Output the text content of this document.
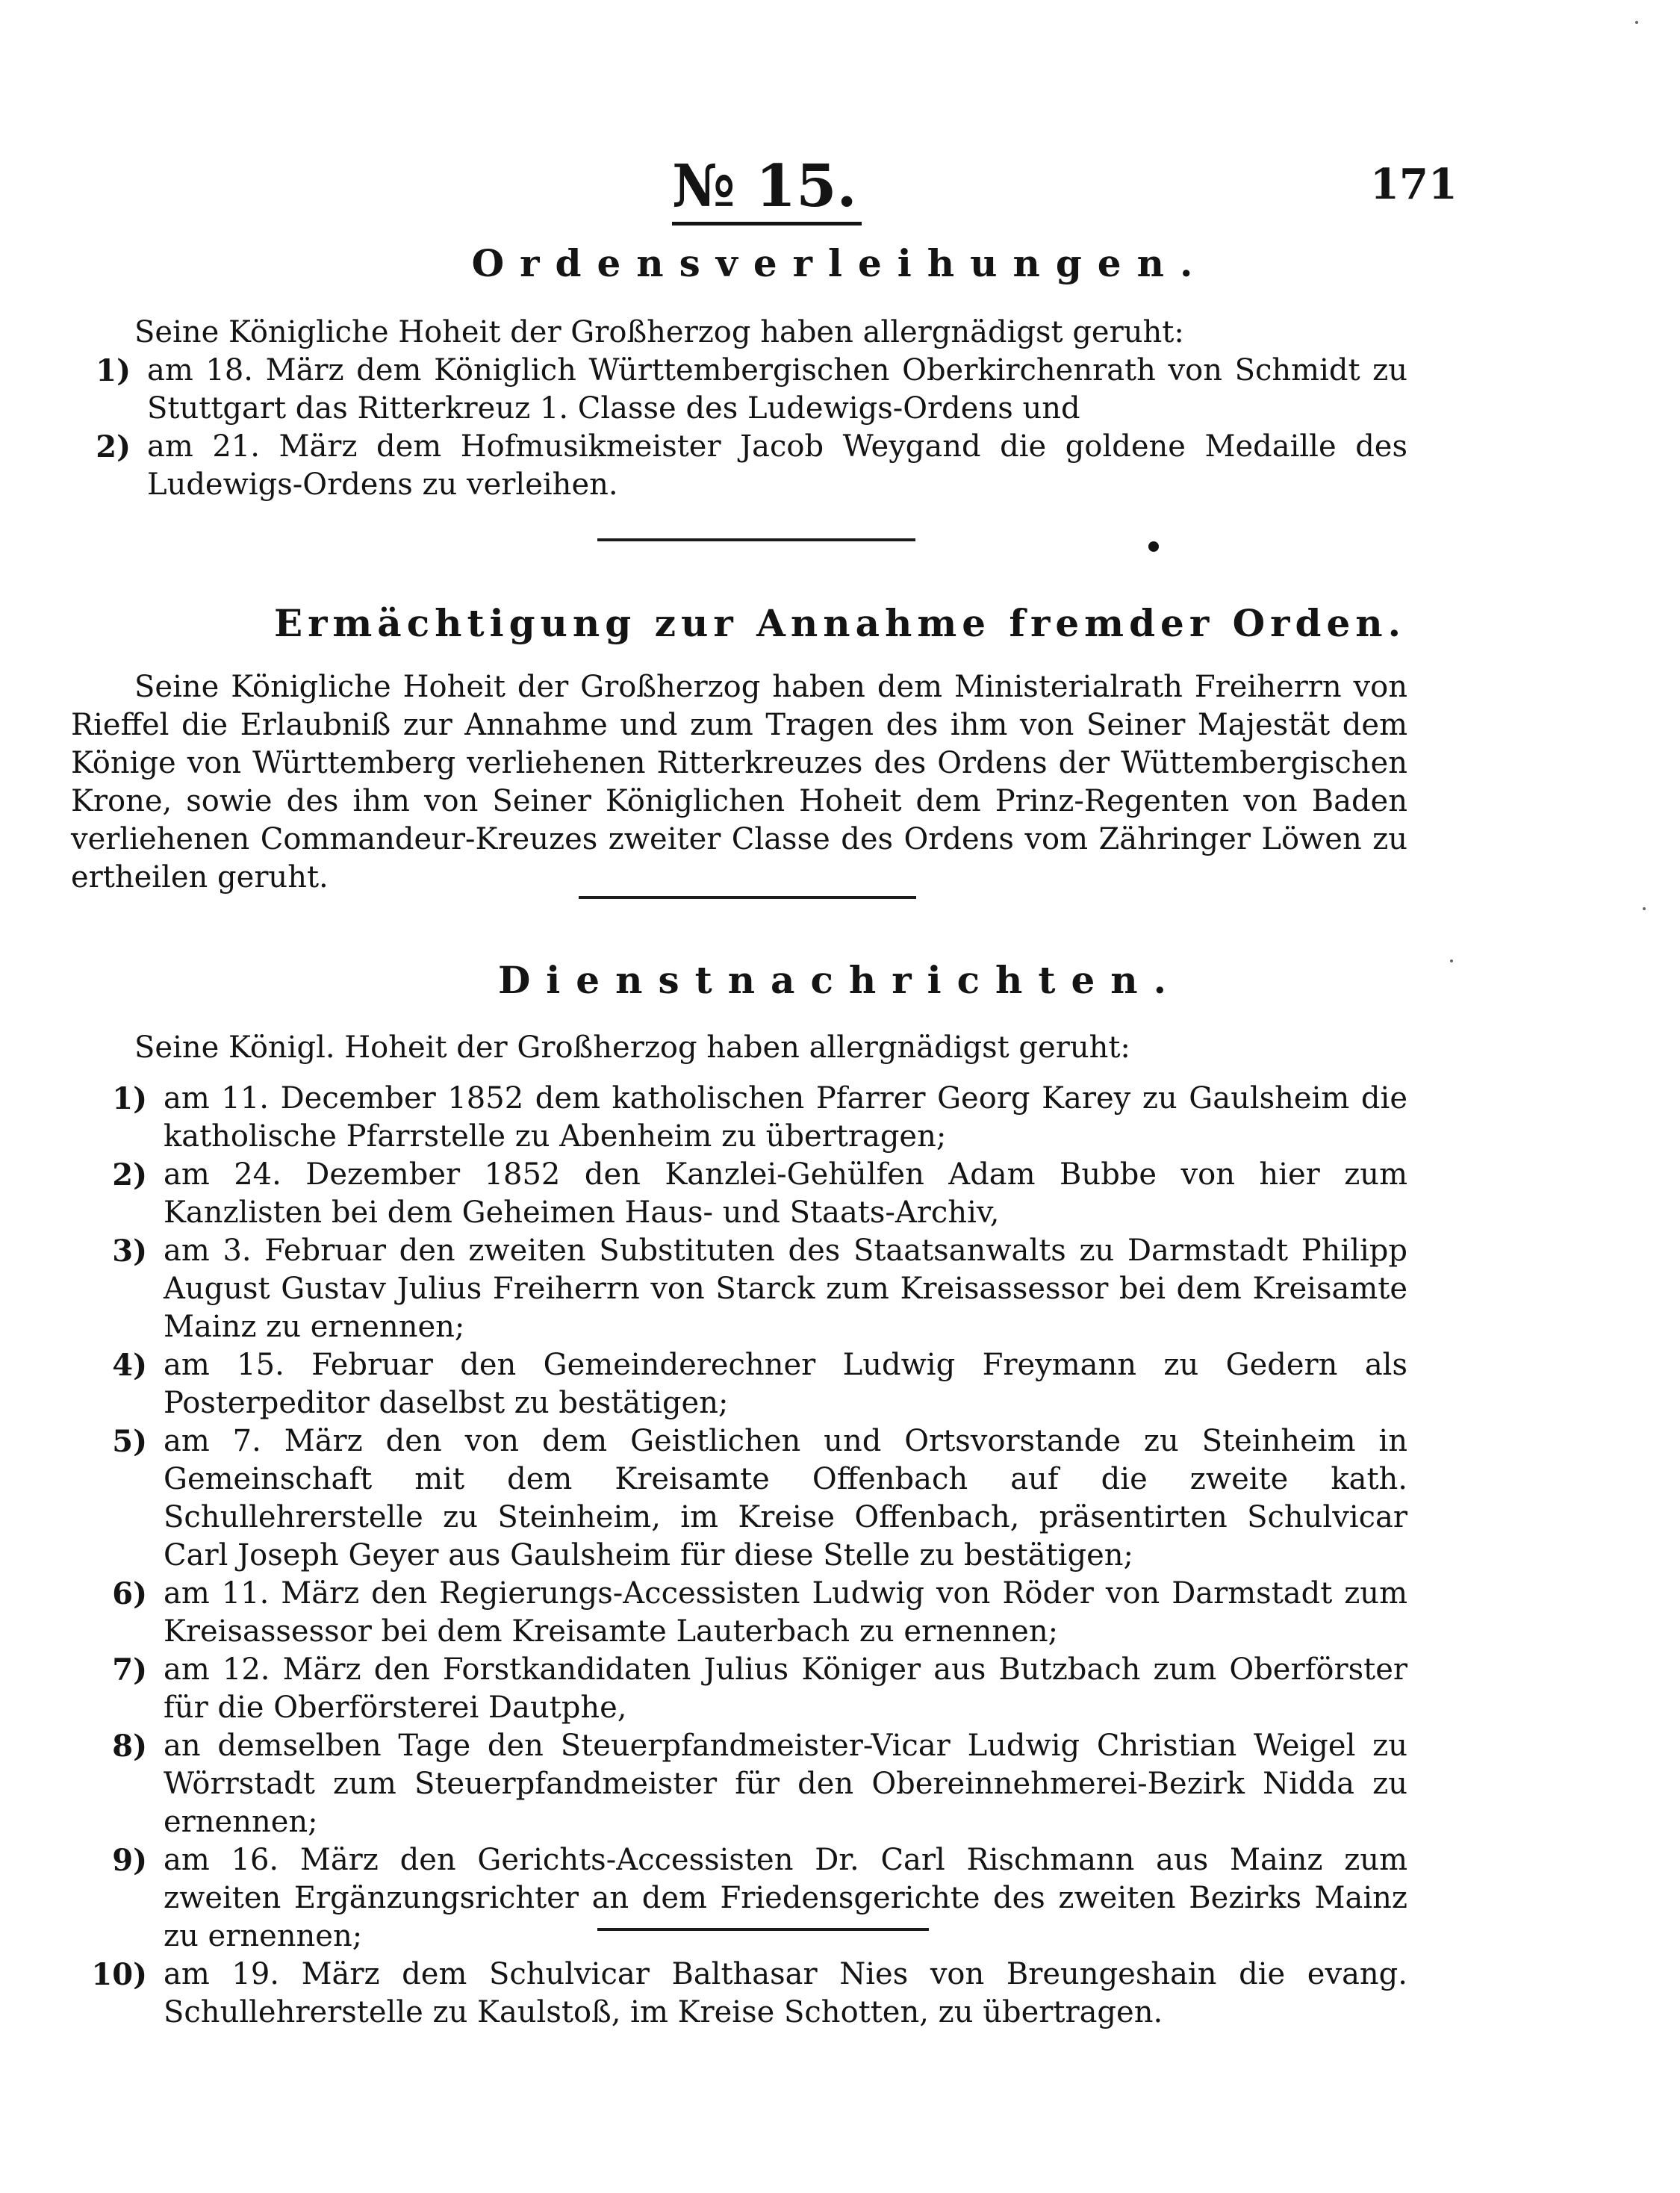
№ 15.	171
Ordensverleihungen.
Seine Königliche Hoheit der Großherzog haben allergnädigst geruht:
1) am 18. März dem Königlich Württembergischen Oberkirchenrath von Schmidt zu Stuttgart das Ritterkreuz 1. Classe des Ludewigs-Ordens und
2) am 21. März dem Hofmusikmeister Jacob Weygand die goldene Medaille des Ludewigs-Ordens zu verleihen.
Ermächtigung zur Annahme fremder Orden.
Seine Königliche Hoheit der Großherzog haben dem Ministerialrath Freiherrn von Rieffel die Erlaubniß zur Annahme und zum Tragen des ihm von Seiner Majestät dem Könige von Württemberg verliehenen Ritterkreuzes des Ordens der Wüttembergischen Krone, sowie des ihm von Seiner Königlichen Hoheit dem Prinz-Regenten von Baden verliehenen Commandeur-Kreuzes zweiter Classe des Ordens vom Zähringer Löwen zu ertheilen geruht.
Dienstnachrichten.
Seine Königl. Hoheit der Großherzog haben allergnädigst geruht:
1) am 11. December 1852 dem katholischen Pfarrer Georg Karey zu Gaulsheim die katholische Pfarrstelle zu Abenheim zu übertragen;
2) am 24. Dezember 1852 den Kanzlei-Gehülfen Adam Bubbe von hier zum Kanzlisten bei dem Geheimen Haus- und Staats-Archiv,
3) am 3. Februar den zweiten Substituten des Staatsanwalts zu Darmstadt Philipp August Gustav Julius Freiherrn von Starck zum Kreisassessor bei dem Kreisamte Mainz zu ernennen;
4) am 15. Februar den Gemeinderechner Ludwig Freymann zu Gedern als Posterpeditor daselbst zu bestätigen;
5) am 7. März den von dem Geistlichen und Ortsvorstande zu Steinheim in Gemeinschaft mit dem Kreisamte Offenbach auf die zweite kath. Schullehrerstelle zu Steinheim, im Kreise Offenbach, präsentirten Schulvicar Carl Joseph Geyer aus Gaulsheim für diese Stelle zu bestätigen;
6) am 11. März den Regierungs-Accessisten Ludwig von Röder von Darmstadt zum Kreisassessor bei dem Kreisamte Lauterbach zu ernennen;
7) am 12. März den Forstkandidaten Julius Königer aus Butzbach zum Oberförster für die Oberförsterei Dautphe,
8) an demselben Tage den Steuerpfandmeister-Vicar Ludwig Christian Weigel zu Wörrstadt zum Steuerpfandmeister für den Obereinnehmerei-Bezirk Nidda zu ernennen;
9) am 16. März den Gerichts-Accessisten Dr. Carl Rischmann aus Mainz zum zweiten Ergänzungsrichter an dem Friedensgerichte des zweiten Bezirks Mainz zu ernennen;
10) am 19. März dem Schulvicar Balthasar Nies von Breungeshain die evang. Schullehrerstelle zu Kaulstoß, im Kreise Schotten, zu übertragen.
